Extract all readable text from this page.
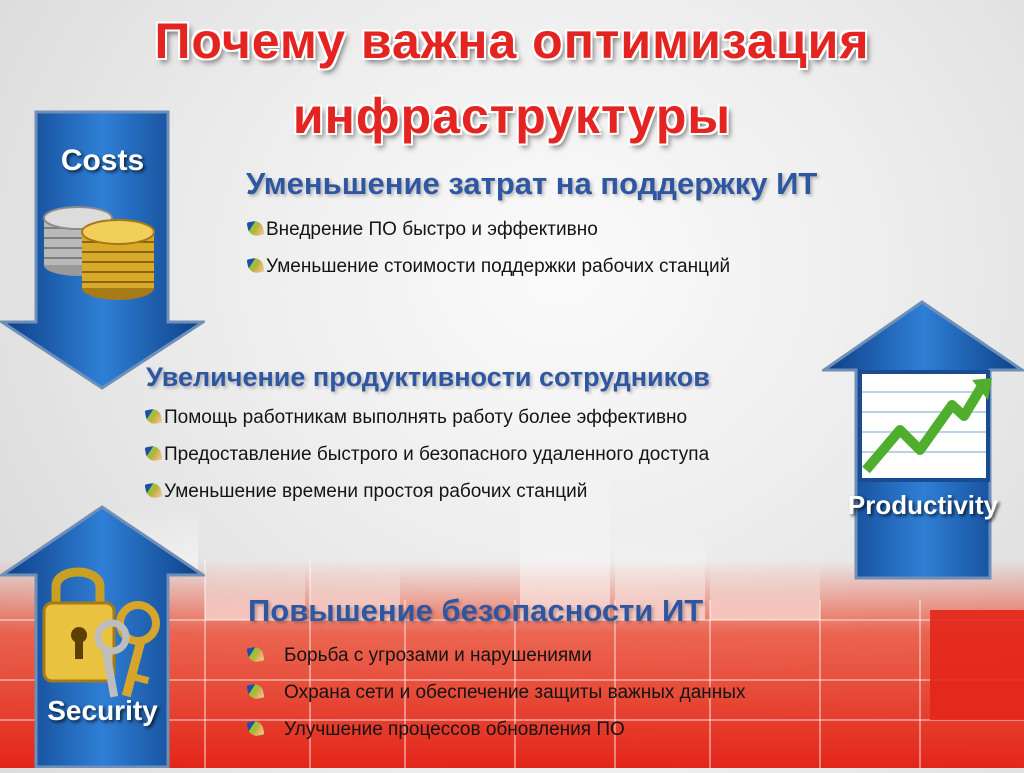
Почему важна оптимизация
инфраструктуры
Costs
Productivity
Security
Уменьшение затрат на поддержку ИТ
Внедрение ПО быстро и эффективно
Уменьшение стоимости поддержки рабочих станций
Увеличение продуктивности сотрудников
Помощь работникам выполнять работу более эффективно
Предоставление быстрого и безопасного удаленного доступа
Уменьшение времени простоя рабочих станций
Повышение безопасности ИТ
Борьба с угрозами и нарушениями
Охрана сети и обеспечение защиты важных данных
Улучшение процессов обновления ПО
